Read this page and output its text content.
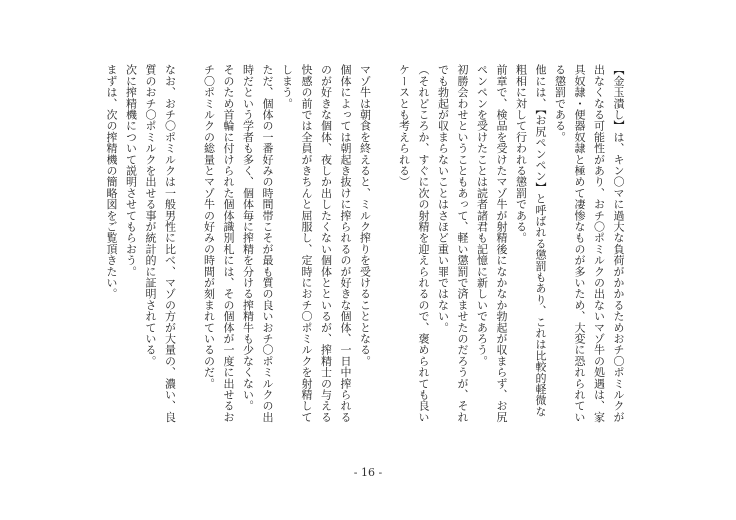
【金玉潰し】は、キン〇マに過大な負荷がかかるためおチ〇ポミルクが出なくなる可能性があり、おチ〇ポミルクの出ないマゾ牛の処遇は、家具奴隷・便器奴隷と極めて凄惨なものが多いため、大変に恐れられている懲罰である。

他には、【お尻ペンペン】と呼ばれる懲罰もあり、これは比較的軽微な粗相に対して行われる懲罰である。

前章で、検品を受けたマゾ牛が射精後になかなか勃起が収まらず、お尻ペンペンを受けたことは読者諸君も記憶に新しいであろう。

初勝会わせということもあって、軽い懲罰で済ませたのだろうが、それでも勃起が収まらないことはさほど重い罪ではない。

（それどころか、すぐに次の射精を迎えられるので、褒められても良いケースとも考えられる）

マゾ牛は朝食を終えると、ミルク搾りを受けることとなる。

個体によっては朝起き抜けに搾られるのが好きな個体、一日中搾られるのが好きな個体、夜しか出したくない個体とといるが、搾精士の与える快感の前では全員がきちんと屈服し、定時におチ〇ポミルクを射精してしまう。

ただ、個体の一番好みの時間帯こそが最も質の良いおチ〇ポミルクの出時だという学者も多く、個体毎に搾精を分ける搾精牛も少なくない。

そのため首輪に付けられた個体識別札には、その個体が一度に出せるおチ〇ポミルクの総量とマゾ牛の好みの時間が刻まれているのだ。

なお、おチ〇ポミルクは一般男性に比べ、マゾの方が大量の、濃い、良質のおチ〇ポミルクを出せる事が統計的に証明されている。

次に搾精機について説明させてもらおう。

まずは、次の搾精機の簡略図をご覧頂きたい。

- 16 -
